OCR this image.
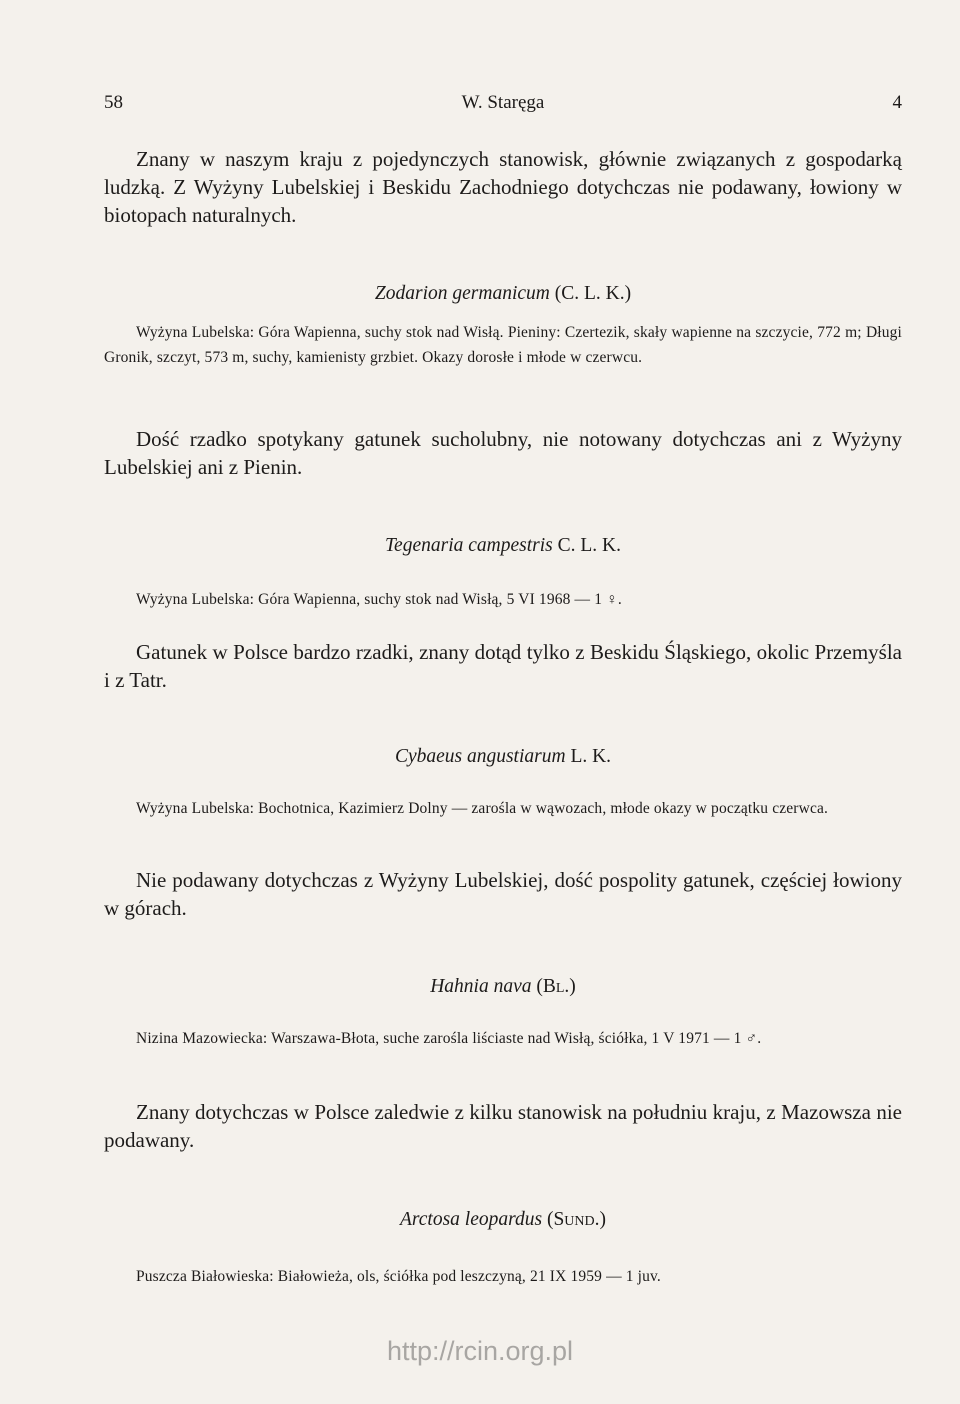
58	W. Staręga	4

Znany w naszym kraju z pojedynczych stanowisk, głównie związanych z gospodarką ludzką. Z Wyżyny Lubelskiej i Beskidu Zachodniego dotychczas nie podawany, łowiony w biotopach naturalnych.

Zodarion germanicum (C. L. K.)

Wyżyna Lubelska: Góra Wapienna, suchy stok nad Wisłą. Pieniny: Czertezik, skały wapienne na szczycie, 772 m; Długi Gronik, szczyt, 573 m, suchy, kamienisty grzbiet. Okazy dorosłe i młode w czerwcu.

Dość rzadko spotykany gatunek sucholubny, nie notowany dotychczas ani z Wyżyny Lubelskiej ani z Pienin.

Tegenaria campestris C. L. K.

Wyżyna Lubelska: Góra Wapienna, suchy stok nad Wisłą, 5 VI 1968 — 1 ♀.

Gatunek w Polsce bardzo rzadki, znany dotąd tylko z Beskidu Śląskiego, okolic Przemyśla i z Tatr.

Cybaeus angustiarum L. K.

Wyżyna Lubelska: Bochotnica, Kazimierz Dolny — zarośla w wąwozach, młode okazy w początku czerwca.

Nie podawany dotychczas z Wyżyny Lubelskiej, dość pospolity gatunek, częściej łowiony w górach.

Hahnia nava (Bl.)

Nizina Mazowiecka: Warszawa-Błota, suche zarośla liściaste nad Wisłą, ściółka, 1 V 1971 — 1 ♂.

Znany dotychczas w Polsce zaledwie z kilku stanowisk na południu kraju, z Mazowsza nie podawany.

Arctosa leopardus (Sund.)

Puszcza Białowieska: Białowieża, ols, ściółka pod leszczyną, 21 IX 1959 — 1 juv.

http://rcin.org.pl
